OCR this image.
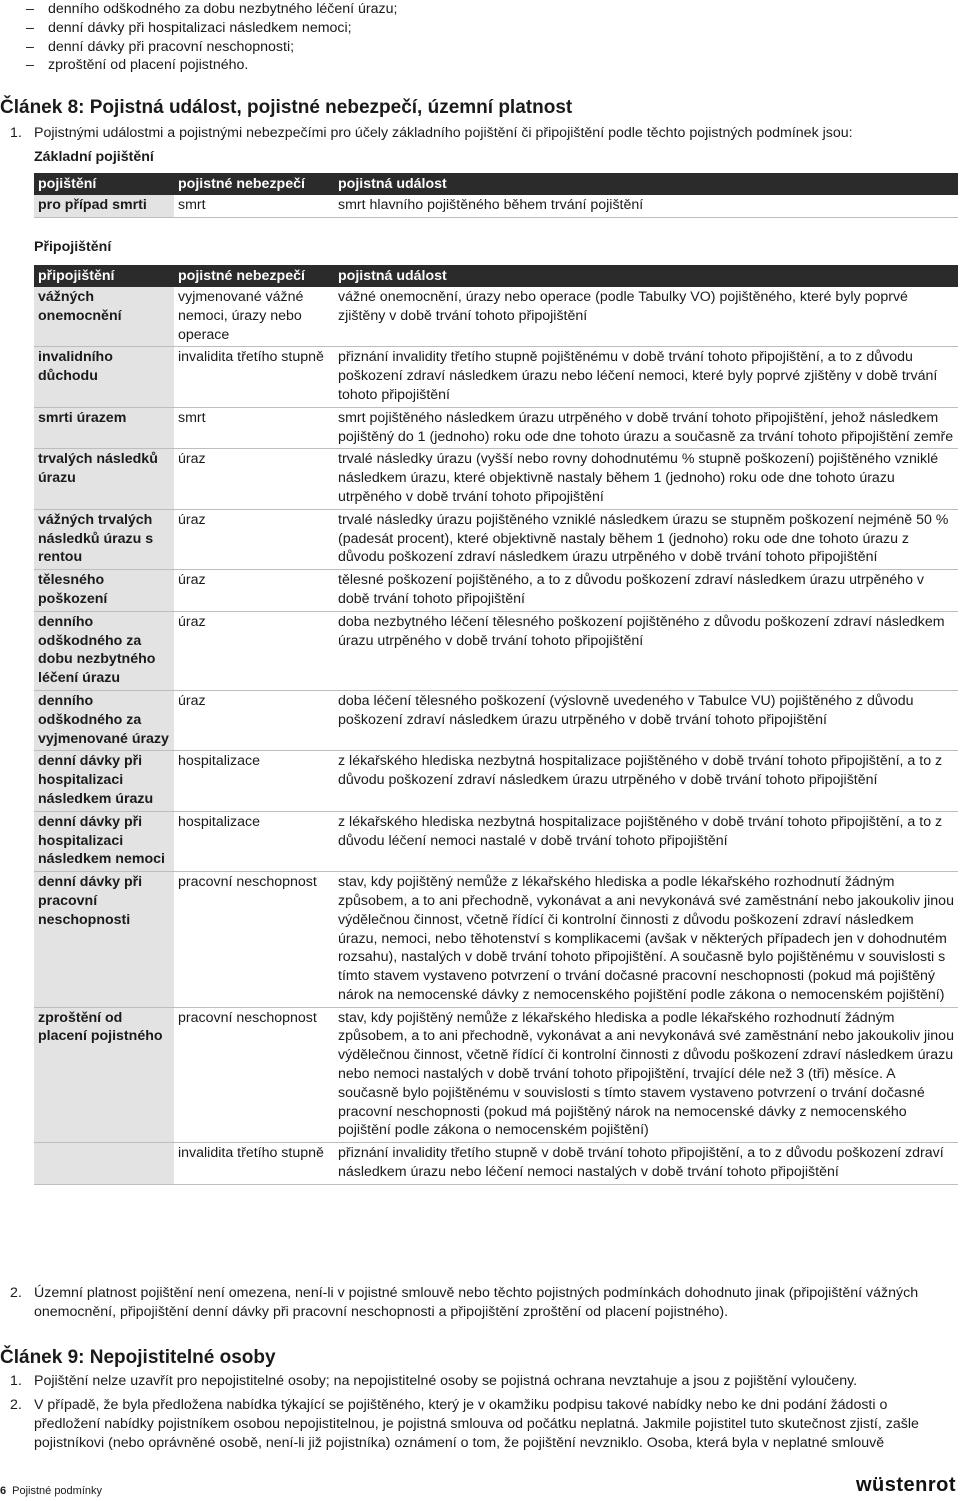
– denního odškodného za dobu nezbytného léčení úrazu;
– denní dávky při hospitalizaci následkem nemoci;
– denní dávky při pracovní neschopnosti;
– zproštění od placení pojistného.
Článek 8: Pojistná událost, pojistné nebezpečí, územní platnost
1. Pojistnými událostmi a pojistnými nebezpečími pro účely základního pojištění či připojištění podle těchto pojistných podmínek jsou:
Základní pojištění
pojištění	pojistné nebezpečí	pojistná událost
pro případ smrti	smrt	smrt hlavního pojištěného během trvání pojištění
Připojištění
připojištění	pojistné nebezpečí	pojistná událost
vážných onemocnění	vyjmenované vážné nemoci, úrazy nebo operace	vážné onemocnění, úrazy nebo operace (podle Tabulky VO) pojištěného, které byly poprvé zjištěny v době trvání tohoto připojištění
invalidního důchodu	invalidita třetího stupně	přiznání invalidity třetího stupně pojištěnému v době trvání tohoto připojištění, a to z důvodu poškození zdraví následkem úrazu nebo léčení nemoci, které byly poprvé zjištěny v době trvání tohoto připojištění
smrti úrazem	smrt	smrt pojištěného následkem úrazu utrpěného v době trvání tohoto připojištění, jehož následkem pojištěný do 1 (jednoho) roku ode dne tohoto úrazu a současně za trvání tohoto připojištění zemře
trvalých následků úrazu	úraz	trvalé následky úrazu (vyšší nebo rovny dohodnutému % stupně poškození) pojištěného vzniklé následkem úrazu, které objektivně nastaly během 1 (jednoho) roku ode dne tohoto úrazu utrpěného v době trvání tohoto připojištění
vážných trvalých následků úrazu s rentou	úraz	trvalé následky úrazu pojištěného vzniklé následkem úrazu se stupněm poškození nejméně 50 % (padesát procent), které objektivně nastaly během 1 (jednoho) roku ode dne tohoto úrazu z důvodu poškození zdraví následkem úrazu utrpěného v době trvání tohoto připojištění
tělesného poškození	úraz	tělesné poškození pojištěného, a to z důvodu poškození zdraví následkem úrazu utrpěného v době trvání tohoto připojištění
denního odškodného za dobu nezbytného léčení úrazu	úraz	doba nezbytného léčení tělesného poškození pojištěného z důvodu poškození zdraví následkem úrazu utrpěného v době trvání tohoto připojištění
denního odškodného za vyjmenované úrazy	úraz	doba léčení tělesného poškození (výslovně uvedeného v Tabulce VU) pojištěného z důvodu poškození zdraví následkem úrazu utrpěného v době trvání tohoto připojištění
denní dávky při hospitalizaci následkem úrazu	hospitalizace	z lékařského hlediska nezbytná hospitalizace pojištěného v době trvání tohoto připojištění, a to z důvodu poškození zdraví následkem úrazu utrpěného v době trvání tohoto připojištění
denní dávky při hospitalizaci následkem nemoci	hospitalizace	z lékařského hlediska nezbytná hospitalizace pojištěného v době trvání tohoto připojištění, a to z důvodu léčení nemoci nastalé v době trvání tohoto připojištění
denní dávky při pracovní neschopnosti	pracovní neschopnost	stav, kdy pojištěný nemůže z lékařského hlediska a podle lékařského rozhodnutí žádným způsobem, a to ani přechodně, vykonávat a ani nevykonává své zaměstnání nebo jakoukoliv jinou výdělečnou činnost, včetně řídící či kontrolní činnosti z důvodu poškození zdraví následkem úrazu, nemoci, nebo těhotenství s komplikacemi (avšak v některých případech jen v dohodnutém rozsahu), nastalých v době trvání tohoto připojištění. A současně bylo pojištěnému v souvislosti s tímto stavem vystaveno potvrzení o trvání dočasné pracovní neschopnosti (pokud má pojištěný nárok na nemocenské dávky z nemocenského pojištění podle zákona o nemocenském pojištění)
zproštění od placení pojistného	pracovní neschopnost	stav, kdy pojištěný nemůže z lékařského hlediska a podle lékařského rozhodnutí žádným způsobem, a to ani přechodně, vykonávat a ani nevykonává své zaměstnání nebo jakoukoliv jinou výdělečnou činnost, včetně řídící či kontrolní činnosti z důvodu poškození zdraví následkem úrazu nebo nemoci nastalých v době trvání tohoto připojištění, trvající déle než 3 (tři) měsíce. A současně bylo pojištěnému v souvislosti s tímto stavem vystaveno potvrzení o trvání dočasné pracovní neschopnosti (pokud má pojištěný nárok na nemocenské dávky z nemocenského pojištění podle zákona o nemocenském pojištění)
	invalidita třetího stupně	přiznání invalidity třetího stupně v době trvání tohoto připojištění, a to z důvodu poškození zdraví následkem úrazu nebo léčení nemoci nastalých v době trvání tohoto připojištění
2. Územní platnost pojištění není omezena, není-li v pojistné smlouvě nebo těchto pojistných podmínkách dohodnuto jinak (připojištění vážných onemocnění, připojištění denní dávky při pracovní neschopnosti a připojištění zproštění od placení pojistného).
Článek 9: Nepojistitelné osoby
1. Pojištění nelze uzavřít pro nepojistitelné osoby; na nepojistitelné osoby se pojistná ochrana nevztahuje a jsou z pojištění vyloučeny.
2. V případě, že byla předložena nabídka týkající se pojištěného, který je v okamžiku podpisu takové nabídky nebo ke dni podání žádosti o předložení nabídky pojistníkem osobou nepojistitelnou, je pojistná smlouva od počátku neplatná. Jakmile pojistitel tuto skutečnost zjistí, zašle pojistníkovi (nebo oprávněné osobě, není-li již pojistníka) oznámení o tom, že pojištění nevzniklo. Osoba, která byla v neplatné smlouvě
6 Pojistné podmínky	wüstenrot
